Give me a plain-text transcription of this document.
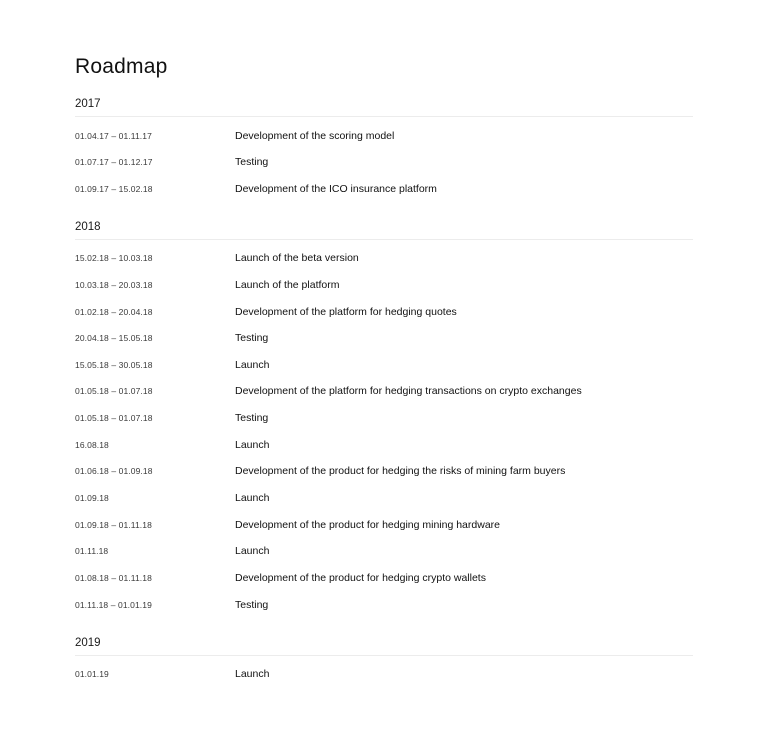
Roadmap
2017
01.04.17 – 01.11.17	Development of the scoring model
01.07.17 – 01.12.17	Testing
01.09.17 – 15.02.18	Development of the ICO insurance platform
2018
15.02.18 – 10.03.18	Launch of the beta version
10.03.18 – 20.03.18	Launch of the platform
01.02.18 – 20.04.18	Development of the platform for hedging quotes
20.04.18 – 15.05.18	Testing
15.05.18 – 30.05.18	Launch
01.05.18 – 01.07.18	Development of the platform for hedging transactions on crypto exchanges
01.05.18 – 01.07.18	Testing
16.08.18	Launch
01.06.18 – 01.09.18	Development of the product for hedging the risks of mining farm buyers
01.09.18	Launch
01.09.18 – 01.11.18	Development of the product for hedging mining hardware
01.11.18	Launch
01.08.18 – 01.11.18	Development of the product for hedging crypto wallets
01.11.18 – 01.01.19	Testing
2019
01.01.19	Launch
